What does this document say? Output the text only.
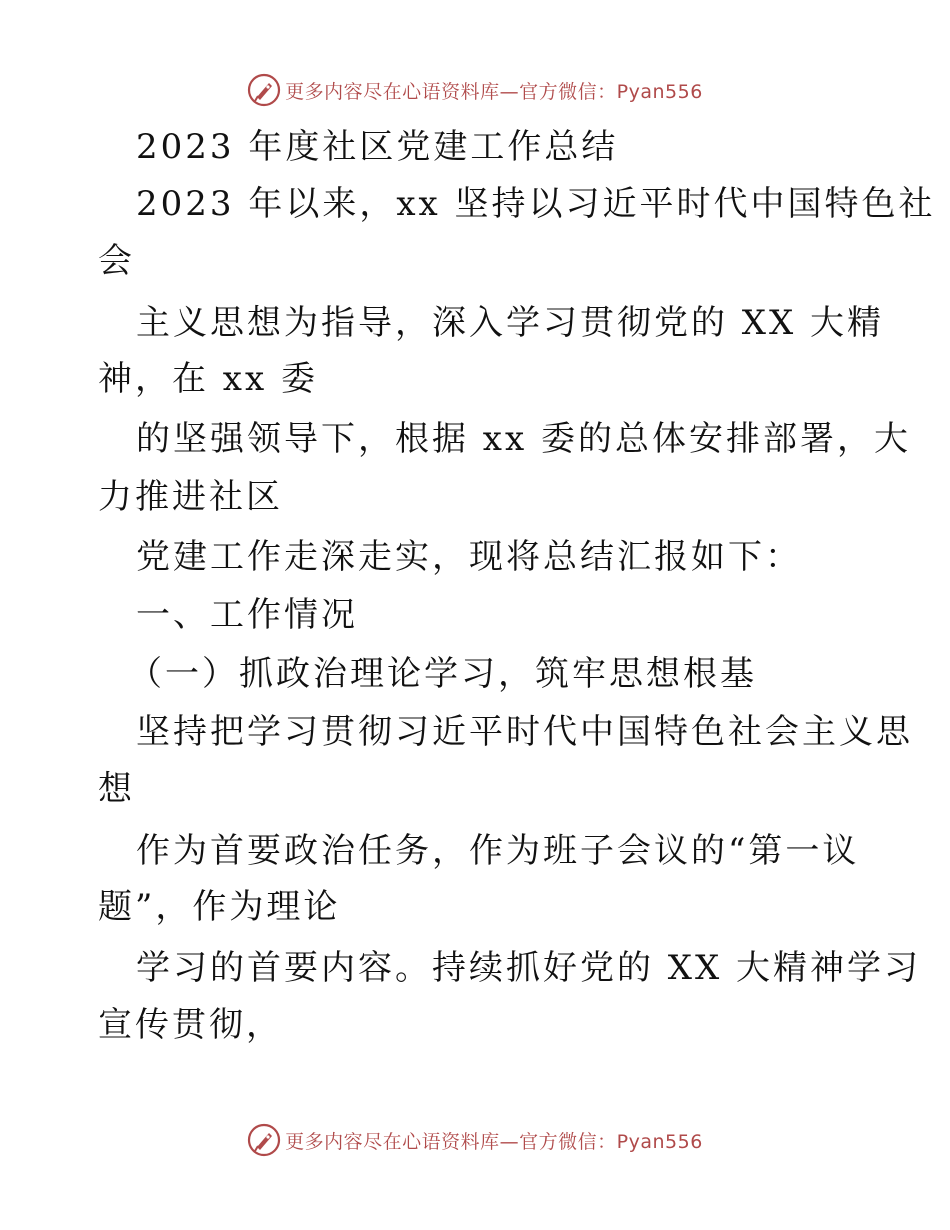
更多内容尽在心语资料库—官方微信：Pyan556
2023 年度社区党建工作总结
2023 年以来，xx 坚持以习近平时代中国特色社
会
主义思想为指导，深入学习贯彻党的 XX 大精
神，在 xx 委
的坚强领导下，根据 xx 委的总体安排部署，大
力推进社区
党建工作走深走实，现将总结汇报如下：
一、工作情况
（一）抓政治理论学习，筑牢思想根基
坚持把学习贯彻习近平时代中国特色社会主义思
想
作为首要政治任务，作为班子会议的“第一议
题”，作为理论
学习的首要内容。持续抓好党的 XX 大精神学习
宣传贯彻，
更多内容尽在心语资料库—官方微信：Pyan556
